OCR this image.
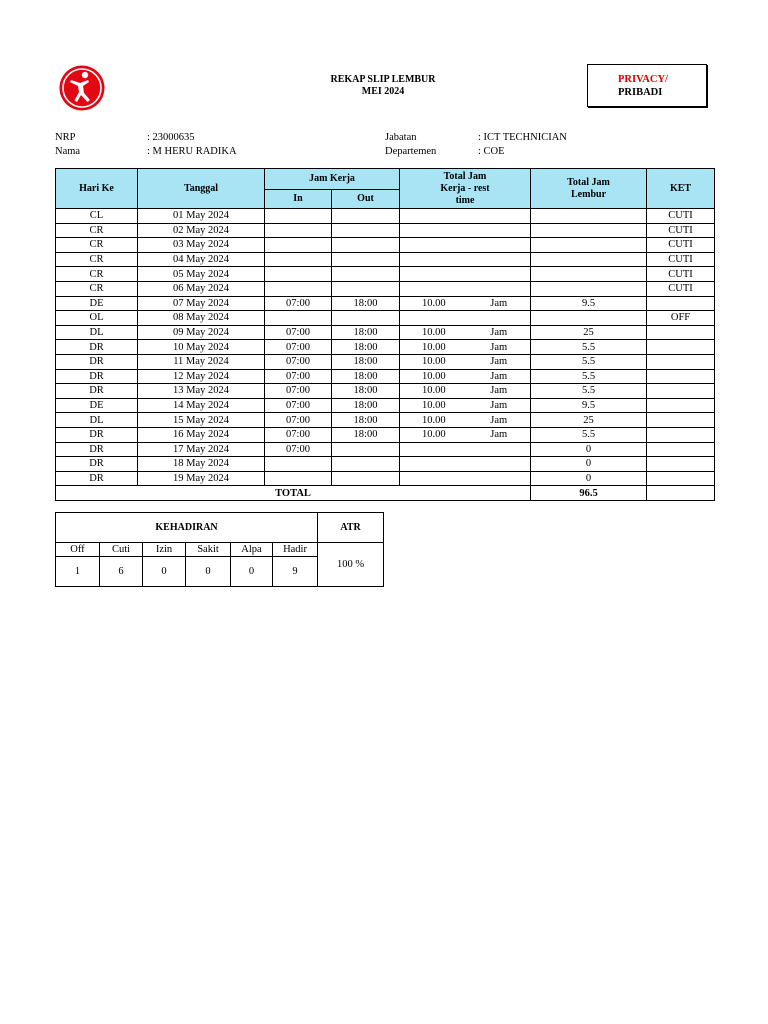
REKAP SLIP LEMBUR
MEI 2024
PRIVACY/
PRIBADI
NRP	: 23000635
Nama	: M HERU RADIKA
Jabatan	: ICT TECHNICIAN
Departemen	: COE
Hari Ke	Tanggal	Jam Kerja		Total Jam Kerja - rest time		Total Jam Lembur	KET
		In	Out				
CL	01 May 2024						CUTI
CR	02 May 2024						CUTI
CR	03 May 2024						CUTI
CR	04 May 2024						CUTI
CR	05 May 2024						CUTI
CR	06 May 2024						CUTI
DE	07 May 2024	07:00	18:00	10.00	Jam	9.5	
OL	08 May 2024						OFF
DL	09 May 2024	07:00	18:00	10.00	Jam	25	
DR	10 May 2024	07:00	18:00	10.00	Jam	5.5	
DR	11 May 2024	07:00	18:00	10.00	Jam	5.5	
DR	12 May 2024	07:00	18:00	10.00	Jam	5.5	
DR	13 May 2024	07:00	18:00	10.00	Jam	5.5	
DE	14 May 2024	07:00	18:00	10.00	Jam	9.5	
DL	15 May 2024	07:00	18:00	10.00	Jam	25	
DR	16 May 2024	07:00	18:00	10.00	Jam	5.5	
DR	17 May 2024	07:00				0	
DR	18 May 2024					0	
DR	19 May 2024					0	
TOTAL						96.5	
KEHADIRAN						ATR
Off	Cuti	Izin	Sakit	Alpa	Hadir	100 %
1	6	0	0	0	9	
